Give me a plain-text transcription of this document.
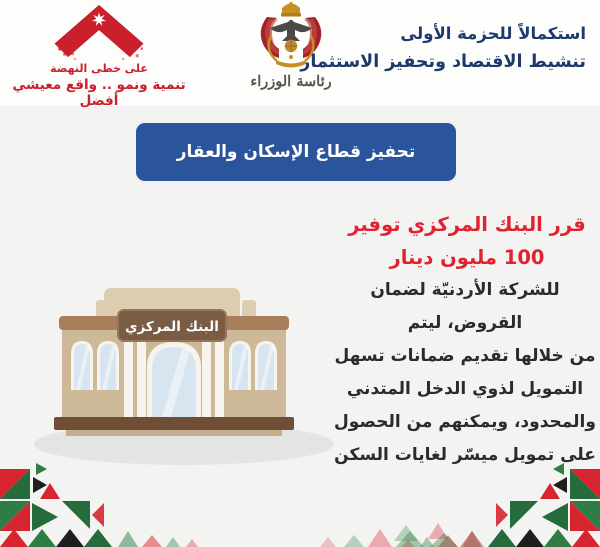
على خطى النهضة
تنمية ونمو .. واقع معيشي أفضل
رئاسة الوزراء
استكمالاً للحزمة الأولى
تنشيط الاقتصاد وتحفيز الاستثمار
تحفيز قطاع الإسكان والعقار
قرر البنك المركزي توفير
100 مليون دينار
للشركة الأردنيّة لضمان القروض، ليتم
من خلالها تقديم ضمانات تسهل
التمويل لذوي الدخل المتدني
والمحدود، ويمكنهم من الحصول
على تمويل ميسّر لغايات السكن
البنك المركزي
